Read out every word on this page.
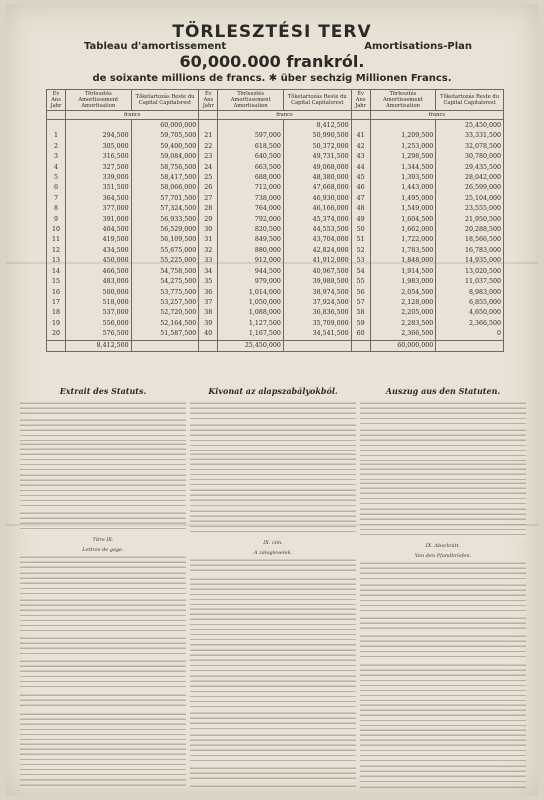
TÖRLESZTÉSI TERV
Tableau d'amortissement	Amortisations-Plan
60,000.000 frankról.
de soixante millions de francs. ✱ über sechzig Millionen Francs.
Év Ans Jahr	Törlesztés Amortissement Amortisation	Tőketartozás Reste du Capital Capitalsrest	Év Ans Jahr	Törlesztés Amortissement Amortisation	Tőketartozás Reste du Capital Capitalsrest	Év Ans Jahr	Törlesztés Amortissement Amortisation	Tőketartozás Reste du Capital Capitalsrest
	francs			francs			francs	
		60,000,000			8,412,500			25,450,000
1	294,500	59,705,500	21	597,000	50,990,500	41	1,209,500	33,331,500
2	305,000	59,400,500	22	618,500	50,372,000	42	1,253,000	32,078,500
3	316,500	59,084,000	23	640,500	49,731,500	43	1,298,500	30,780,000
4	327,500	58,756,500	24	663,500	49,068,000	44	1,344,500	29,435,500
5	339,000	58,417,500	25	688,000	48,380,000	45	1,393,500	28,042,000
6	351,500	58,066,000	26	712,000	47,668,000	46	1,443,000	26,599,000
7	364,500	57,701,500	27	738,000	46,930,000	47	1,495,000	25,104,000
8	377,000	57,324,500	28	764,000	46,166,000	48	1,549,000	23,555,000
9	391,000	56,933,500	29	792,000	45,374,000	49	1,604,500	21,950,500
10	404,500	56,529,000	30	820,500	44,553,500	50	1,662,000	20,288,500
11	419,500	56,109,500	31	849,500	43,704,000	51	1,722,000	18,566,500
12	434,500	55,675,000	32	880,000	42,824,000	52	1,783,500	16,783,000
13	450,000	55,225,000	33	912,000	41,912,000	53	1,848,000	14,935,000
14	466,500	54,758,500	34	944,500	40,967,500	54	1,914,500	13,020,500
15	483,000	54,275,500	35	979,000	39,988,500	55	1,983,000	11,037,500
16	500,000	53,775,500	36	1,014,000	38,974,500	56	2,054,500	8,983,000
17	518,000	53,257,500	37	1,050,000	37,924,500	57	2,128,000	6,855,000
18	537,000	52,720,500	38	1,088,000	36,836,500	58	2,205,000	4,650,000
19	556,000	52,164,500	39	1,127,500	35,709,000	59	2,283,500	2,366,500
20	576,500	51,587,500	40	1,167,500	34,541,500	60	2,366,500	0
	8,412,500			25,450,000			60,000,000	
Extrait des Statuts.
Titre IX.
Lettres de gage.
Kivonat az alapszabályokból.
IX. cím.
A záloglevelek.
Auszug aus den Statuten.
IX. Abschnitt.
Von den Pfandbriefen.
